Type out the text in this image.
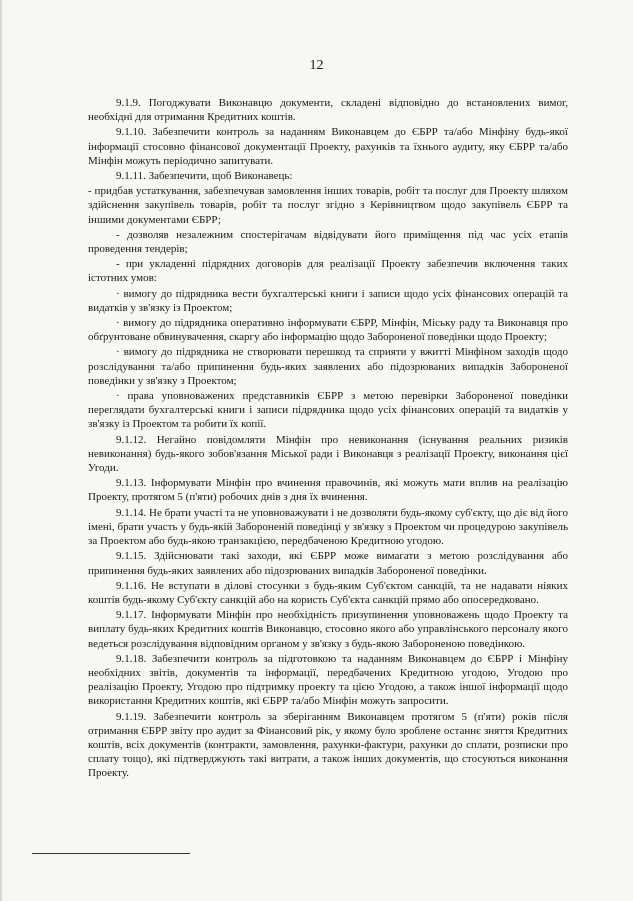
12

9.1.9. Погоджувати Виконавцю документи, складені відповідно до встановлених вимог, необхідні для отримання Кредитних коштів.

9.1.10. Забезпечити контроль за наданням Виконавцем до ЄБРР та/або Мінфіну будь-якої інформації стосовно фінансової документації Проекту, рахунків та їхнього аудиту, яку ЄБРР та/або Мінфін можуть періодично запитувати.

9.1.11. Забезпечити, щоб Виконавець:

- придбав устаткування, забезпечував замовлення інших товарів, робіт та послуг для Проекту шляхом здійснення закупівель товарів, робіт та послуг згідно з Керівництвом щодо закупівель ЄБРР та іншими документами ЄБРР;

- дозволяв незалежним спостерігачам відвідувати його приміщення під час усіх етапів проведення тендерів;

- при укладенні підрядних договорів для реалізації Проекту забезпечив включення таких істотних умов:

· вимогу до підрядника вести бухгалтерські книги і записи щодо усіх фінансових операцій та видатків у зв'язку із Проектом;

· вимогу до підрядника оперативно інформувати ЄБРР, Мінфін, Міську раду та Виконавця про обґрунтоване обвинувачення, скаргу або інформацію щодо Забороненої поведінки щодо Проекту;

· вимогу до підрядника не створювати перешкод та сприяти у вжитті Мінфіном заходів щодо розслідування та/або припинення будь-яких заявлених або підозрюваних випадків Забороненої поведінки у зв'язку з Проектом;

· права уповноважених представників ЄБРР з метою перевірки Забороненої поведінки переглядати бухгалтерські книги і записи підрядника щодо усіх фінансових операцій та видатків у зв'язку із Проектом та робити їх копії.

9.1.12. Негайно повідомляти Мінфін про невиконання (існування реальних ризиків невиконання) будь-якого зобов'язання Міської ради і Виконавця з реалізації Проекту, виконання цієї Угоди.

9.1.13. Інформувати Мінфін про вчинення правочинів, які можуть мати вплив на реалізацію Проекту, протягом 5 (п'яти) робочих днів з дня їх вчинення.

9.1.14. Не брати участі та не уповноважувати і не дозволяти будь-якому суб'єкту, що діє від його імені, брати участь у будь-якій Забороненій поведінці у зв'язку з Проектом чи процедурою закупівель за Проектом або будь-якою транзакцією, передбаченою Кредитною угодою.

9.1.15. Здійснювати такі заходи, які ЄБРР може вимагати з метою розслідування або припинення будь-яких заявлених або підозрюваних випадків Забороненої поведінки.

9.1.16. Не вступати в ділові стосунки з будь-яким Суб'єктом санкцій, та не надавати ніяких коштів будь-якому Суб'єкту санкцій або на користь Суб'єкта санкцій прямо або опосередковано.

9.1.17. Інформувати Мінфін про необхідність призупинення уповноважень щодо Проекту та виплату будь-яких Кредитних коштів Виконавцю, стосовно якого або управлінського персоналу якого ведеться розслідування відповідним органом у зв'язку з будь-якою Забороненою поведінкою.

9.1.18. Забезпечити контроль за підготовкою та наданням Виконавцем до ЄБРР і Мінфіну необхідних звітів, документів та інформації, передбачених Кредитною угодою, Угодою про реалізацію Проекту, Угодою про підтримку проекту та цією Угодою, а також іншої інформації щодо використання Кредитних коштів, які ЄБРР та/або Мінфін можуть запросити.

9.1.19. Забезпечити контроль за зберіганням Виконавцем протягом 5 (п'яти) років після отримання ЄБРР звіту про аудит за Фінансовий рік, у якому було зроблене останнє зняття Кредитних коштів, всіх документів (контракти, замовлення, рахунки-фактури, рахунки до сплати, розписки про сплату тощо), які підтверджують такі витрати, а також інших документів, що стосуються виконання Проекту.
